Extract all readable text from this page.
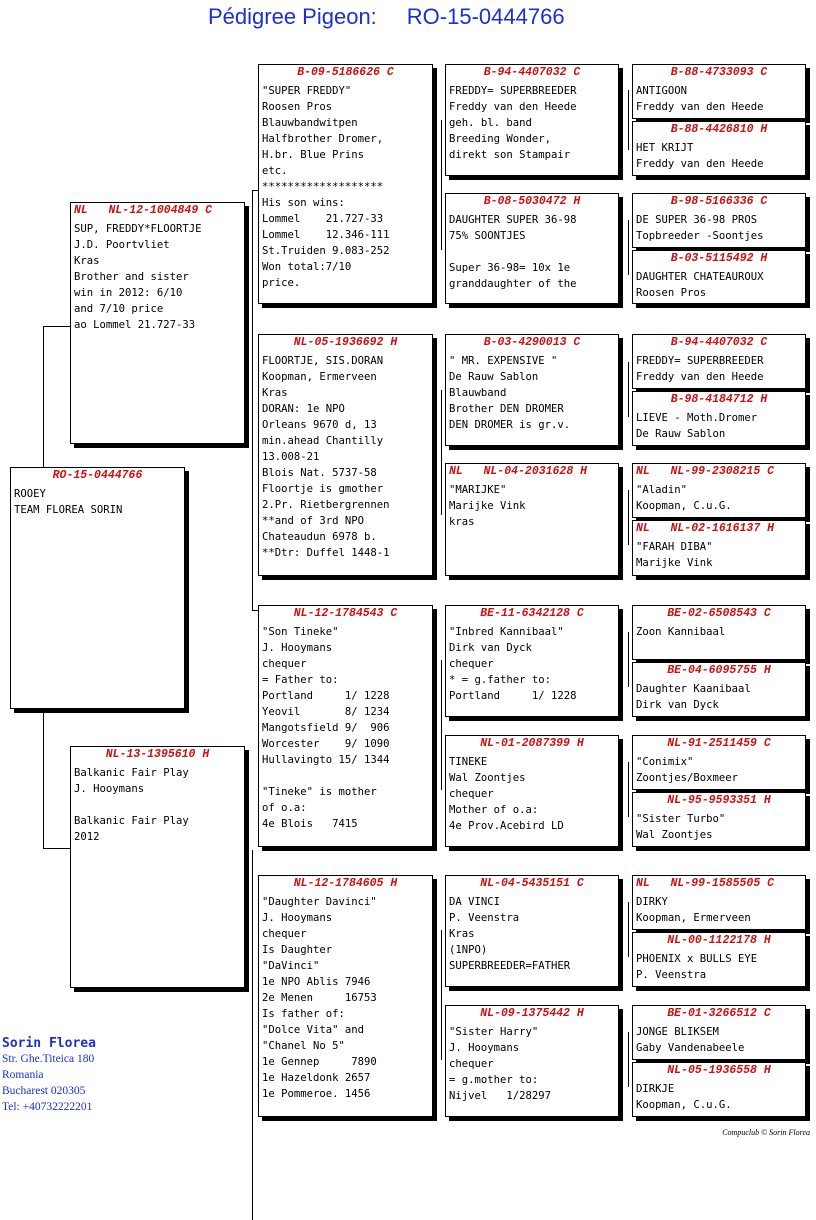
Pédigree Pigeon: RO-15-0444766
RO-15-0444766
ROOEY
TEAM FLOREA SORIN
NL   NL-12-1004849 C
SUP, FREDDY*FLOORTJE
J.D. Poortvliet
Kras
Brother and sister
win in 2012: 6/10
and 7/10 price
ao Lommel 21.727-33
NL-13-1395610 H
Balkanic Fair Play
J. Hooymans

Balkanic Fair Play
2012
B-09-5186626 C
"SUPER FREDDY"
Roosen Pros
Blauwbandwitpen
Halfbrother Dromer,
H.br. Blue Prins
etc.
*******************
His son wins:
Lommel    21.727-33
Lommel    12.346-111
St.Truiden 9.083-252
Won total:7/10
price.
NL-05-1936692 H
FLOORTJE, SIS.DORAN
Koopman, Ermerveen
Kras
DORAN: 1e NPO
Orleans 9670 d, 13
min.ahead Chantilly
13.008-21
Blois Nat. 5737-58
Floortje is gmother
2.Pr. Rietbergrennen
**and of 3rd NPO
Chateaudun 6978 b.
**Dtr: Duffel 1448-1
NL-12-1784543 C
"Son Tineke"
J. Hooymans
chequer
= Father to:
Portland     1/ 1228
Yeovil       8/ 1234
Mangotsfield 9/  906
Worcester    9/ 1090
Hullavingto 15/ 1344

"Tineke" is mother
of o.a:
4e Blois   7415
NL-12-1784605 H
"Daughter Davinci"
J. Hooymans
chequer
Is Daughter
"DaVinci"
1e NPO Ablis 7946
2e Menen     16753
Is father of:
"Dolce Vita" and
"Chanel No 5"
1e Gennep     7890
1e Hazeldonk 2657
1e Pommeroe. 1456
B-94-4407032 C
FREDDY= SUPERBREEDER
Freddy van den Heede
geh. bl. band
Breeding Wonder,
direkt son Stampair
B-08-5030472 H
DAUGHTER SUPER 36-98
75% SOONTJES

Super 36-98= 10x 1e
granddaughter of the
B-03-4290013 C
" MR. EXPENSIVE "
De Rauw Sablon
Blauwband
Brother DEN DROMER
DEN DROMER is gr.v.
NL   NL-04-2031628 H
"MARIJKE"
Marijke Vink
kras
BE-11-6342128 C
"Inbred Kannibaal"
Dirk van Dyck
chequer
* = g.father to:
Portland     1/ 1228
NL-01-2087399 H
TINEKE
Wal Zoontjes
chequer
Mother of o.a:
4e Prov.Acebird LD
NL-04-5435151 C
DA VINCI
P. Veenstra
Kras
(1NPO)
SUPERBREEDER=FATHER
NL-09-1375442 H
"Sister Harry"
J. Hooymans
chequer
= g.mother to:
Nijvel   1/28297
B-88-4733093 C
ANTIGOON
Freddy van den Heede
B-88-4426810 H
HET KRIJT
Freddy van den Heede
B-98-5166336 C
DE SUPER 36-98 PROS
Topbreeder -Soontjes
B-03-5115492 H
DAUGHTER CHATEAUROUX
Roosen Pros
B-94-4407032 C
FREDDY= SUPERBREEDER
Freddy van den Heede
B-98-4184712 H
LIEVE - Moth.Dromer
De Rauw Sablon
NL   NL-99-2308215 C
"Aladin"
Koopman, C.u.G.
NL   NL-02-1616137 H
"FARAH DIBA"
Marijke Vink
BE-02-6508543 C
Zoon Kannibaal
BE-04-6095755 H
Daughter Kaanibaal
Dirk van Dyck
NL-91-2511459 C
"Conimix"
Zoontjes/Boxmeer
NL-95-9593351 H
"Sister Turbo"
Wal Zoontjes
NL   NL-99-1585505 C
DIRKY
Koopman, Ermerveen
NL-00-1122178 H
PHOENIX x BULLS EYE
P. Veenstra
BE-01-3266512 C
JONGE BLIKSEM
Gaby Vandenabeele
NL-05-1936558 H
DIRKJE
Koopman, C.u.G.
Sorin Florea
Str. Ghe.Titeica 180
Romania
Bucharest 020305
Tel: +40732222201
Compuclub © Sorin Florea
